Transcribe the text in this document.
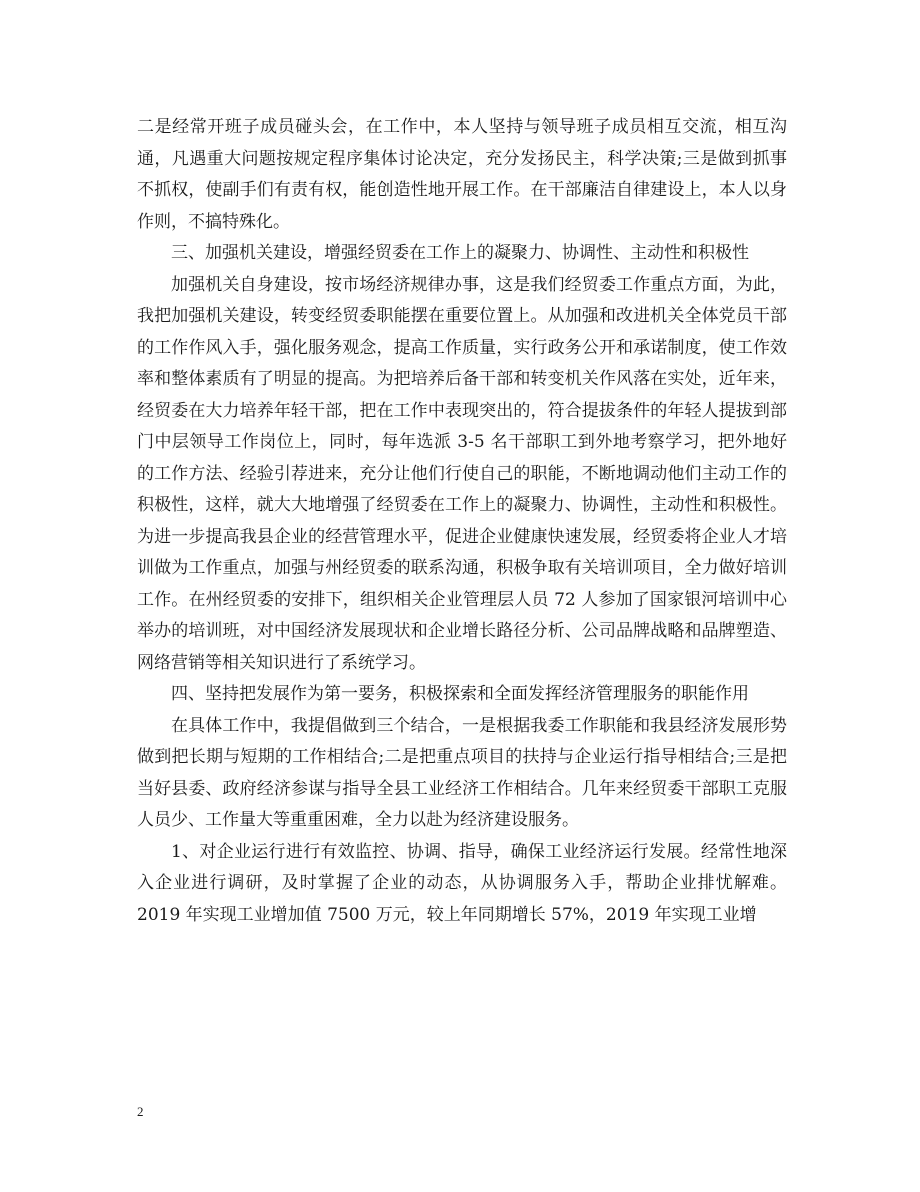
二是经常开班子成员碰头会，在工作中，本人坚持与领导班子成员相互交流，相互沟通，凡遇重大问题按规定程序集体讨论决定，充分发扬民主，科学决策;三是做到抓事不抓权，使副手们有责有权，能创造性地开展工作。在干部廉洁自律建设上，本人以身作则，不搞特殊化。

三、加强机关建设，增强经贸委在工作上的凝聚力、协调性、主动性和积极性

加强机关自身建设，按市场经济规律办事，这是我们经贸委工作重点方面，为此，我把加强机关建设，转变经贸委职能摆在重要位置上。从加强和改进机关全体党员干部的工作作风入手，强化服务观念，提高工作质量，实行政务公开和承诺制度，使工作效率和整体素质有了明显的提高。为把培养后备干部和转变机关作风落在实处，近年来，经贸委在大力培养年轻干部，把在工作中表现突出的，符合提拔条件的年轻人提拔到部门中层领导工作岗位上，同时，每年选派 3-5 名干部职工到外地考察学习，把外地好的工作方法、经验引荐进来，充分让他们行使自己的职能，不断地调动他们主动工作的积极性，这样，就大大地增强了经贸委在工作上的凝聚力、协调性，主动性和积极性。为进一步提高我县企业的经营管理水平，促进企业健康快速发展，经贸委将企业人才培训做为工作重点，加强与州经贸委的联系沟通，积极争取有关培训项目，全力做好培训工作。在州经贸委的安排下，组织相关企业管理层人员 72 人参加了国家银河培训中心举办的培训班，对中国经济发展现状和企业增长路径分析、公司品牌战略和品牌塑造、网络营销等相关知识进行了系统学习。

四、坚持把发展作为第一要务，积极探索和全面发挥经济管理服务的职能作用

在具体工作中，我提倡做到三个结合，一是根据我委工作职能和我县经济发展形势做到把长期与短期的工作相结合;二是把重点项目的扶持与企业运行指导相结合;三是把当好县委、政府经济参谋与指导全县工业经济工作相结合。几年来经贸委干部职工克服人员少、工作量大等重重困难，全力以赴为经济建设服务。

1、对企业运行进行有效监控、协调、指导，确保工业经济运行发展。经常性地深入企业进行调研，及时掌握了企业的动态，从协调服务入手，帮助企业排忧解难。2019 年实现工业增加值 7500 万元，较上年同期增长 57%，2019 年实现工业增

2
